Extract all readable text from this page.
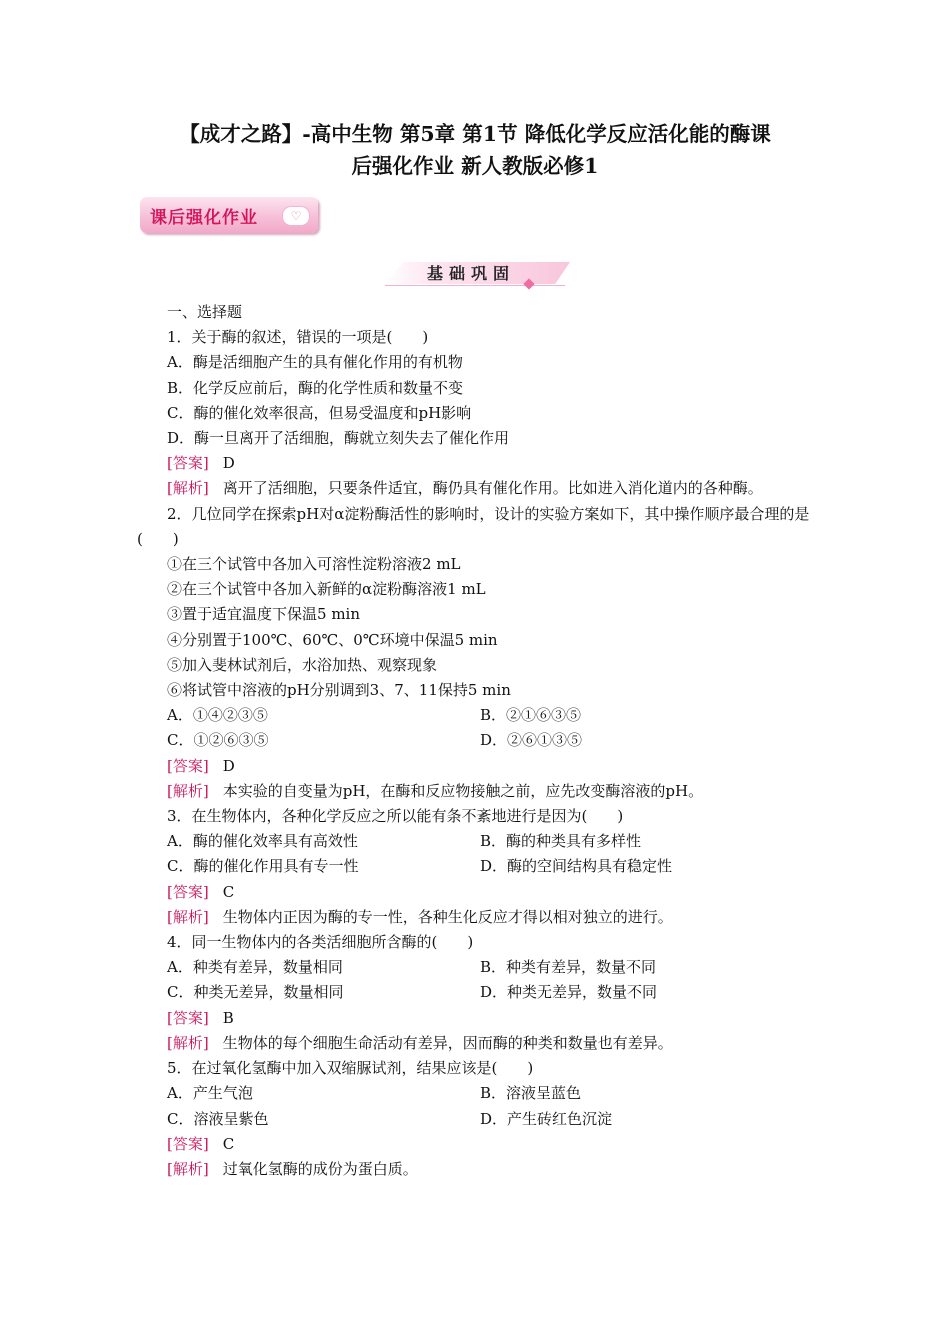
【成才之路】-高中生物 第5章 第1节 降低化学反应活化能的酶课
后强化作业 新人教版必修1
课后强化作业	♡
基础巩固

一、选择题

1．关于酶的叙述，错误的一项是(　　)

A．酶是活细胞产生的具有催化作用的有机物

B．化学反应前后，酶的化学性质和数量不变

C．酶的催化效率很高，但易受温度和pH影响

D．酶一旦离开了活细胞，酶就立刻失去了催化作用

[答案] D

[解析] 离开了活细胞，只要条件适宜，酶仍具有催化作用。比如进入消化道内的各种酶。

2．几位同学在探索pH对α淀粉酶活性的影响时，设计的实验方案如下，其中操作顺序最合理的是(　　)

①在三个试管中各加入可溶性淀粉溶液2 mL

②在三个试管中各加入新鲜的α淀粉酶溶液1 mL

③置于适宜温度下保温5 min

④分别置于100℃、60℃、0℃环境中保温5 min

⑤加入斐林试剂后，水浴加热、观察现象

⑥将试管中溶液的pH分别调到3、7、11保持5 min

A．①④②③⑤	B．②①⑥③⑤
C．①②⑥③⑤	D．②⑥①③⑤

[答案] D

[解析] 本实验的自变量为pH，在酶和反应物接触之前，应先改变酶溶液的pH。

3．在生物体内，各种化学反应之所以能有条不紊地进行是因为(　　)

A．酶的催化效率具有高效性	B．酶的种类具有多样性
C．酶的催化作用具有专一性	D．酶的空间结构具有稳定性

[答案] C

[解析] 生物体内正因为酶的专一性，各种生化反应才得以相对独立的进行。

4．同一生物体内的各类活细胞所含酶的(　　)

A．种类有差异，数量相同	B．种类有差异，数量不同
C．种类无差异，数量相同	D．种类无差异，数量不同

[答案] B

[解析] 生物体的每个细胞生命活动有差异，因而酶的种类和数量也有差异。

5．在过氧化氢酶中加入双缩脲试剂，结果应该是(　　)

A．产生气泡	B．溶液呈蓝色
C．溶液呈紫色	D．产生砖红色沉淀

[答案] C

[解析] 过氧化氢酶的成份为蛋白质。
